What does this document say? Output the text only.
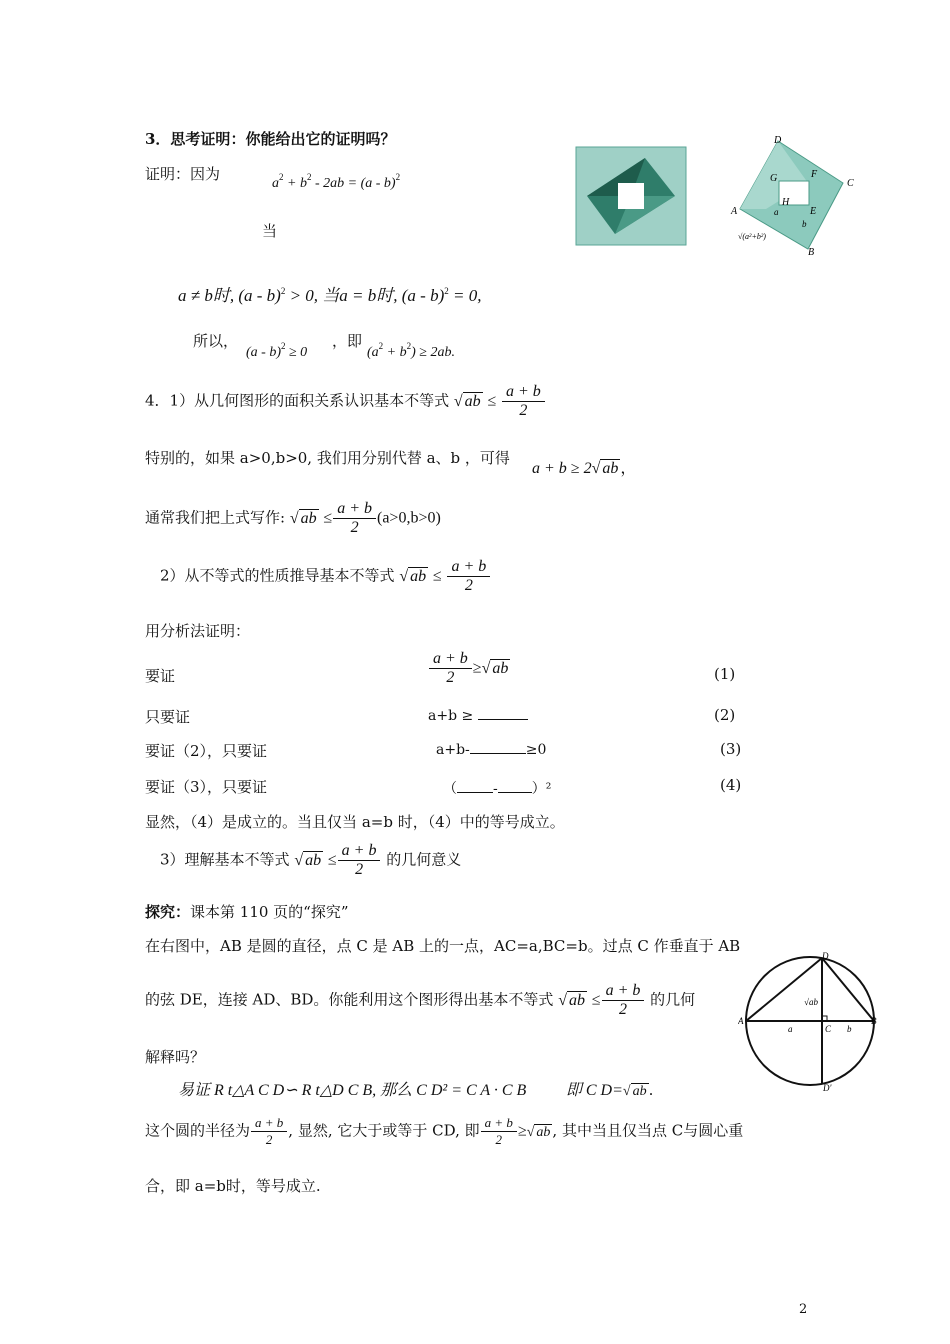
3．思考证明：你能给出它的证明吗？
证明：因为
$a^2 + b^2 - 2ab = (a - b)^2$
当
a ≠ b时, (a - b)$^2$ > 0, 当a = b时, (a - b)$^2$ = 0,
所以，
(a - b)$^2$ ≥ 0
，即
$(a^2 + b^2) \ge 2ab$.
D
F
C
G
H
A	E
a
b
B
√(a²+b²)
4．1）从几何图形的面积关系认识基本不等式 √ ab ≤ $\frac{a + b}{2}$
特别的，如果 a>0,b>0, 我们用分别代替 a、b ，可得
a + b ≥ 2√ ab ，
通常我们把上式写作: √ ab ≤ $\frac{a + b}{2} (a>0,b>0)$
2）从不等式的性质推导基本不等式 √ ab ≤ $\frac{a + b}{2}$
用分析法证明：
要证	$\frac{a + b}{2}$ ≥√ ab	(1)
只要证	a+b ≥	(2)
要证（2），只要证	a+b-	≥0	(3)
要证（3），只要证	（	- ）²	(4)
显然，（4）是成立的。当且仅当 a=b 时，（4）中的等号成立。
3）理解基本不等式 √ ab ≤ $\frac{a + b}{2}$ 的几何意义
探究：课本第 110 页的“探究”
在右图中，AB 是圆的直径，点 C 是 AB 上的一点，AC=a,BC=b。过点 C 作垂直于 AB
的弦 DE，连接 AD、BD。你能利用这个图形得出基本不等式 √ ab ≤ $\frac{a + b}{2}$ 的几何
解释吗？
易证 R t△A C D∽ R t△D C B, 那么 C D² = C A · C B 即 C D=√ ab .
这个圆的半径为 $\frac{a + b}{2}$ , 显然, 它大于或等于 CD, 即 $\frac{a + b}{2}$ ≥√ ab , 其中当且仅当点 C与圆心重
合，即 a=b时，等号成立.
D
A	B
C
D'
a	b
√ab
2
